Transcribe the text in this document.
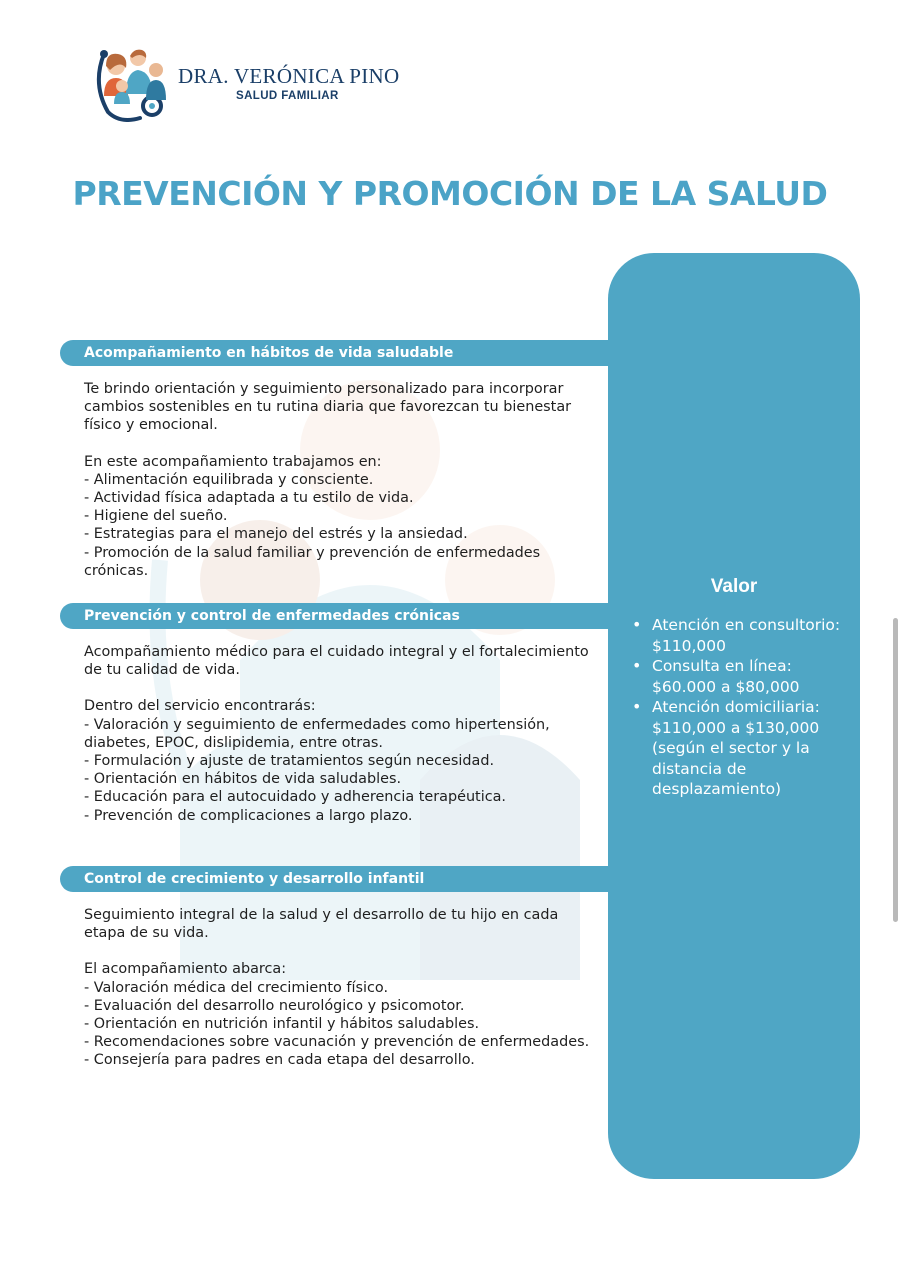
DRA. VERÓNICA PINO
SALUD FAMILIAR
PREVENCIÓN Y PROMOCIÓN DE LA SALUD
Valor
• Atención en consultorio: $110,000
• Consulta en línea: $60.000 a $80,000
• Atención domiciliaria: $110,000 a $130,000 (según el sector y la distancia de desplazamiento)
Acompañamiento en hábitos de vida saludable

Te brindo orientación y seguimiento personalizado para incorporar cambios sostenibles en tu rutina diaria que favorezcan tu bienestar físico y emocional.

En este acompañamiento trabajamos en:

- Alimentación equilibrada y consciente.

- Actividad física adaptada a tu estilo de vida.

- Higiene del sueño.

- Estrategias para el manejo del estrés y la ansiedad.

- Promoción de la salud familiar y prevención de enfermedades crónicas.

Prevención y control de enfermedades crónicas

Acompañamiento médico para el cuidado integral y el fortalecimiento de tu calidad de vida.

Dentro del servicio encontrarás:

- Valoración y seguimiento de enfermedades como hipertensión, diabetes, EPOC, dislipidemia, entre otras.

- Formulación y ajuste de tratamientos según necesidad.

- Orientación en hábitos de vida saludables.

- Educación para el autocuidado y adherencia terapéutica.

- Prevención de complicaciones a largo plazo.

Control de crecimiento y desarrollo infantil

Seguimiento integral de la salud y el desarrollo de tu hijo en cada etapa de su vida.

El acompañamiento abarca:

- Valoración médica del crecimiento físico.

- Evaluación del desarrollo neurológico y psicomotor.

- Orientación en nutrición infantil y hábitos saludables.

- Recomendaciones sobre vacunación y prevención de enfermedades.

- Consejería para padres en cada etapa del desarrollo.
